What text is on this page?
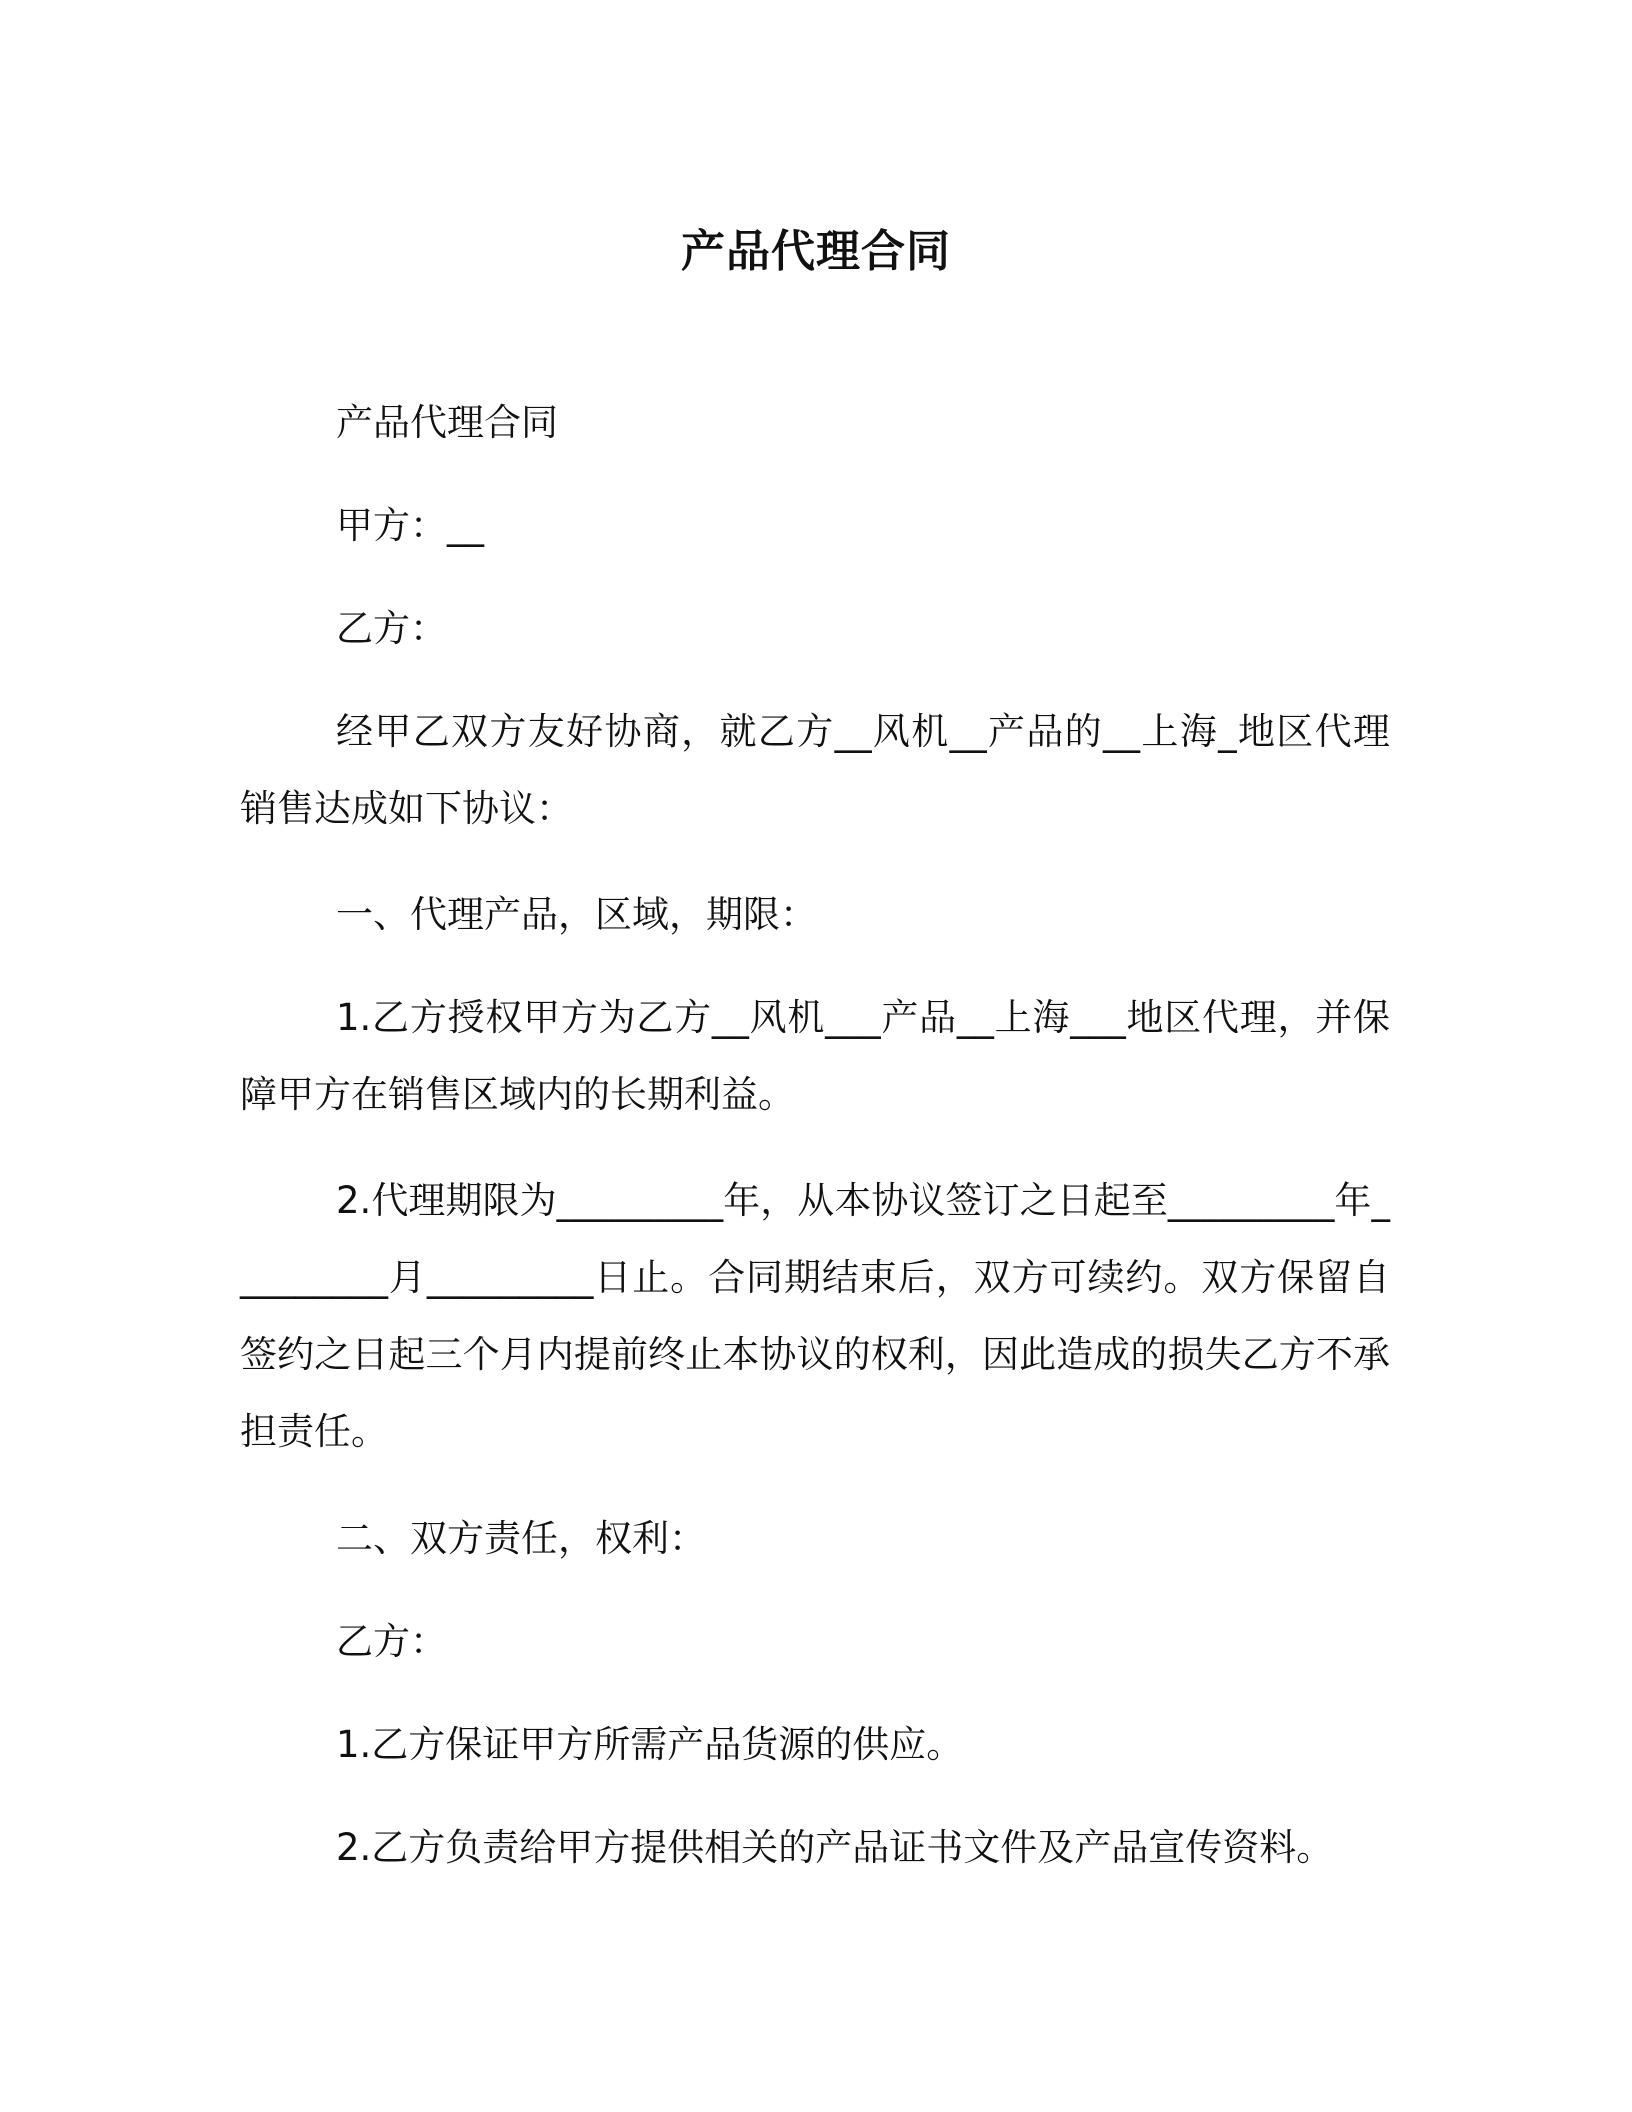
产品代理合同

产品代理合同

甲方：__

乙方：

经甲乙双方友好协商，就乙方__风机__产品的__上海_地区代理销售达成如下协议：

一、代理产品，区域，期限：

1.乙方授权甲方为乙方__风机___产品__上海___地区代理，并保障甲方在销售区域内的长期利益。

2.代理期限为_________年，从本协议签订之日起至_________年_________月_________日止。合同期结束后，双方可续约。双方保留自签约之日起三个月内提前终止本协议的权利，因此造成的损失乙方不承担责任。

二、双方责任，权利：

乙方：

1.乙方保证甲方所需产品货源的供应。

2.乙方负责给甲方提供相关的产品证书文件及产品宣传资料。
